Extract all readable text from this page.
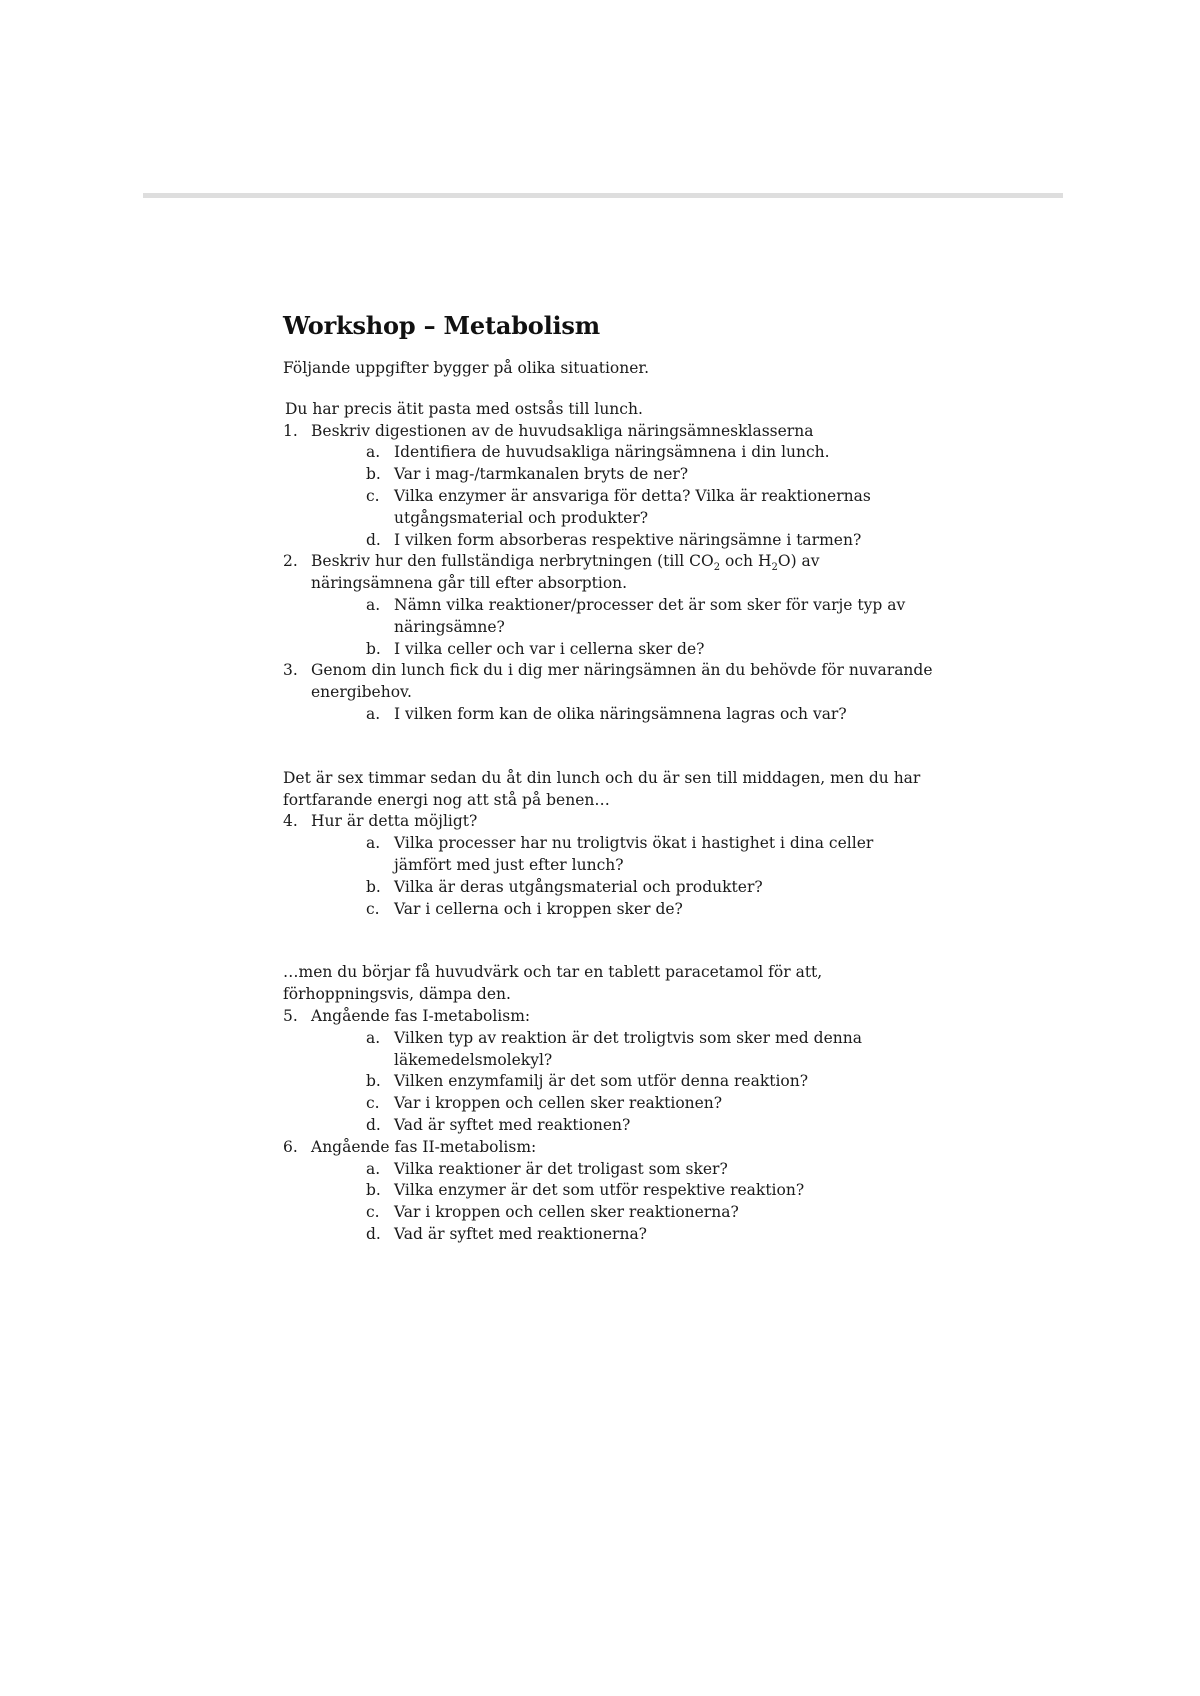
Workshop – Metabolism

Följande uppgifter bygger på olika situationer.

Du har precis ätit pasta med ostsås till lunch.

1. Beskriv digestionen av de huvudsakliga näringsämnesklasserna
a. Identifiera de huvudsakliga näringsämnena i din lunch.
b. Var i mag-/tarmkanalen bryts de ner?
c. Vilka enzymer är ansvariga för detta? Vilka är reaktionernas utgångsmaterial och produkter?
d. I vilken form absorberas respektive näringsämne i tarmen?
2. Beskriv hur den fullständiga nerbrytningen (till $CO_2$ och $H_2O$) av näringsämnena går till efter absorption.
a. Nämn vilka reaktioner/processer det är som sker för varje typ av näringsämne?
b. I vilka celler och var i cellerna sker de?
3. Genom din lunch fick du i dig mer näringsämnen än du behövde för nuvarande energibehov.
a. I vilken form kan de olika näringsämnena lagras och var?

Det är sex timmar sedan du åt din lunch och du är sen till middagen, men du har fortfarande energi nog att stå på benen…

4. Hur är detta möjligt?
a. Vilka processer har nu troligtvis ökat i hastighet i dina celler jämfört med just efter lunch?
b. Vilka är deras utgångsmaterial och produkter?
c. Var i cellerna och i kroppen sker de?

…men du börjar få huvudvärk och tar en tablett paracetamol för att, förhoppningsvis, dämpa den.

5. Angående fas I-metabolism:
a. Vilken typ av reaktion är det troligtvis som sker med denna läkemedelsmolekyl?
b. Vilken enzymfamilj är det som utför denna reaktion?
c. Var i kroppen och cellen sker reaktionen?
d. Vad är syftet med reaktionen?
6. Angående fas II-metabolism:
a. Vilka reaktioner är det troligast som sker?
b. Vilka enzymer är det som utför respektive reaktion?
c. Var i kroppen och cellen sker reaktionerna?
d. Vad är syftet med reaktionerna?
